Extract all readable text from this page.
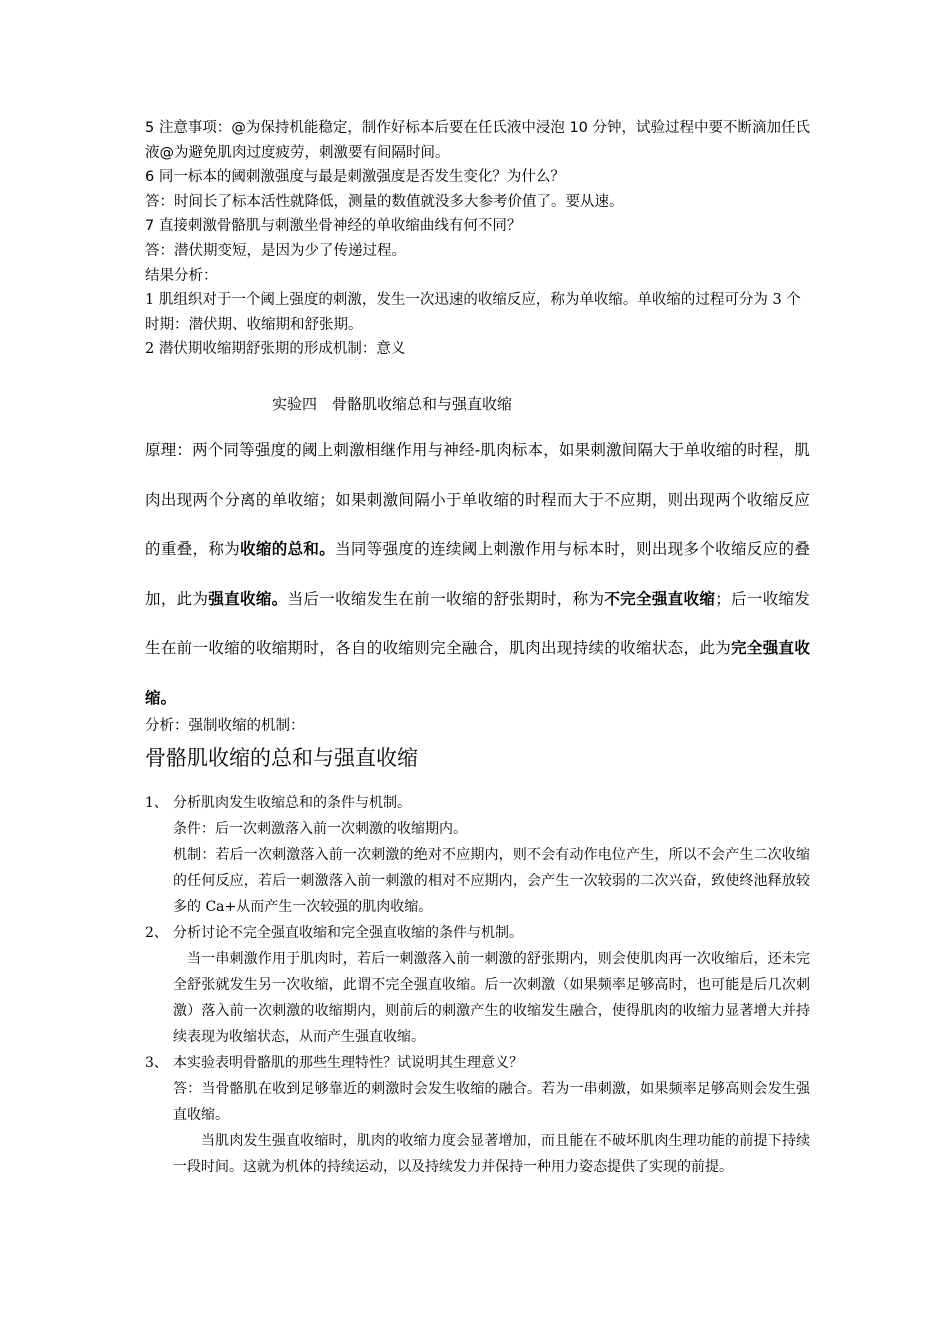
5 注意事项：@为保持机能稳定，制作好标本后要在任氏液中浸泡 10 分钟，试验过程中要不断滴加任氏液@为避免肌肉过度疲劳，刺激要有间隔时间。

6 同一标本的阈刺激强度与最是刺激强度是否发生变化？为什么？

答：时间长了标本活性就降低，测量的数值就没多大参考价值了。要从速。

7 直接刺激骨骼肌与刺激坐骨神经的单收缩曲线有何不同？

答：潜伏期变短，是因为少了传递过程。

结果分析：

1 肌组织对于一个阈上强度的刺激，发生一次迅速的收缩反应，称为单收缩。单收缩的过程可分为 3 个时期：潜伏期、收缩期和舒张期。

2 潜伏期收缩期舒张期的形成机制：意义

实验四　骨骼肌收缩总和与强直收缩

原理：两个同等强度的阈上刺激相继作用与神经-肌肉标本，如果刺激间隔大于单收缩的时程，肌肉出现两个分离的单收缩；如果刺激间隔小于单收缩的时程而大于不应期，则出现两个收缩反应的重叠，称为收缩的总和。当同等强度的连续阈上刺激作用与标本时，则出现多个收缩反应的叠加，此为强直收缩。当后一收缩发生在前一收缩的舒张期时，称为不完全强直收缩；后一收缩发生在前一收缩的收缩期时，各自的收缩则完全融合，肌肉出现持续的收缩状态，此为完全强直收缩。

分析：强制收缩的机制：
骨骼肌收缩的总和与强直收缩
1、 分析肌肉发生收缩总和的条件与机制。

条件：后一次刺激落入前一次刺激的收缩期内。

机制：若后一次刺激落入前一次刺激的绝对不应期内，则不会有动作电位产生，所以不会产生二次收缩的任何反应，若后一刺激落入前一刺激的相对不应期内，会产生一次较弱的二次兴奋，致使终池释放较多的 Ca+从而产生一次较强的肌肉收缩。

2、 分析讨论不完全强直收缩和完全强直收缩的条件与机制。

当一串刺激作用于肌肉时，若后一刺激落入前一刺激的舒张期内，则会使肌肉再一次收缩后，还未完全舒张就发生另一次收缩，此谓不完全强直收缩。后一次刺激（如果频率足够高时，也可能是后几次刺激）落入前一次刺激的收缩期内，则前后的刺激产生的收缩发生融合，使得肌肉的收缩力显著增大并持续表现为收缩状态，从而产生强直收缩。

3、 本实验表明骨骼肌的那些生理特性？试说明其生理意义？

答：当骨骼肌在收到足够靠近的刺激时会发生收缩的融合。若为一串刺激，如果频率足够高则会发生强直收缩。

当肌肉发生强直收缩时，肌肉的收缩力度会显著增加，而且能在不破坏肌肉生理功能的前提下持续一段时间。这就为机体的持续运动，以及持续发力并保持一种用力姿态提供了实现的前提。
